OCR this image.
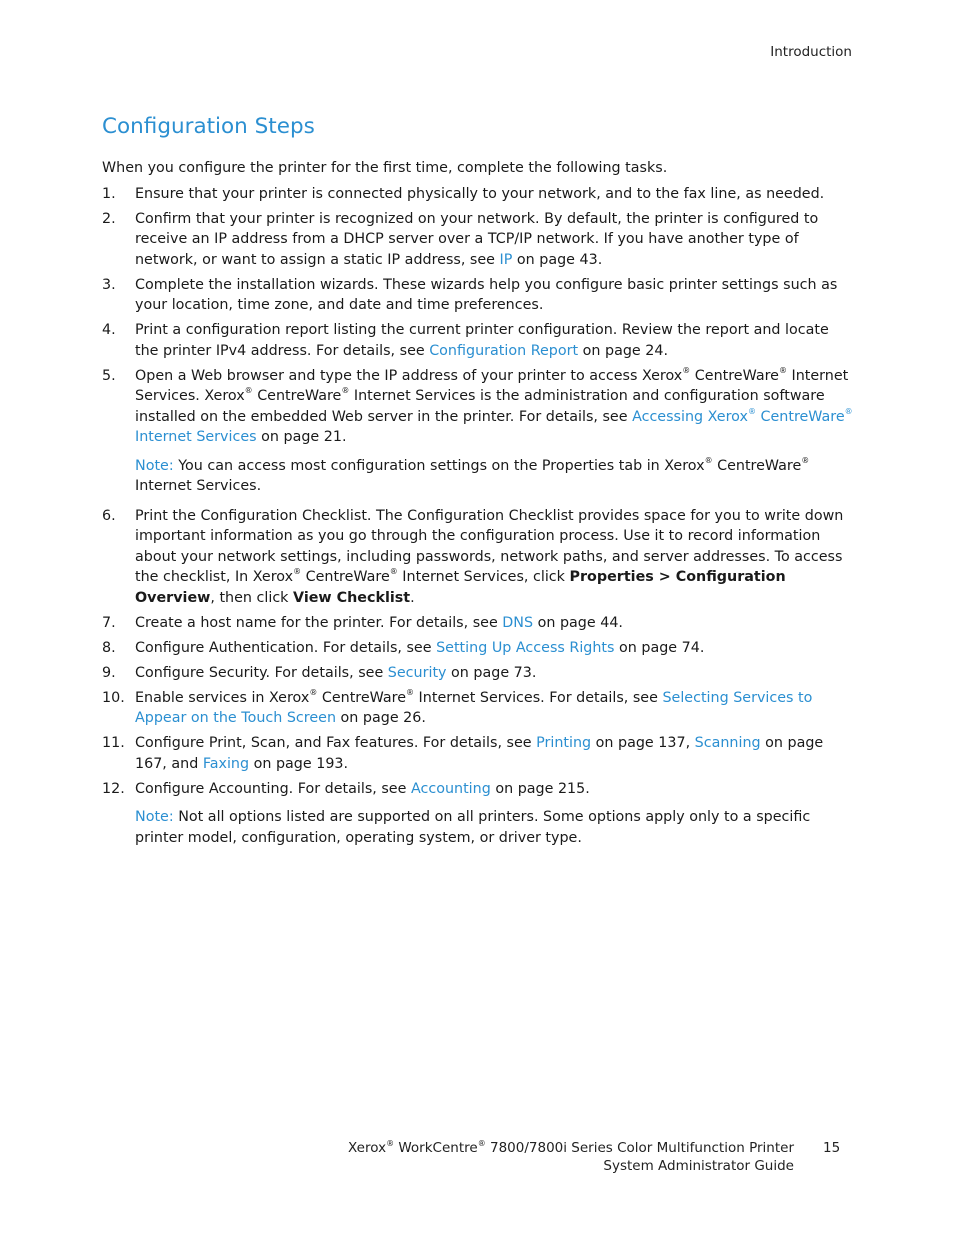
Introduction
Configuration Steps

When you configure the printer for the first time, complete the following tasks.

1. Ensure that your printer is connected physically to your network, and to the fax line, as needed.
2. Confirm that your printer is recognized on your network. By default, the printer is configured to receive an IP address from a DHCP server over a TCP/IP network. If you have another type of network, or want to assign a static IP address, see IP on page 43.
3. Complete the installation wizards. These wizards help you configure basic printer settings such as your location, time zone, and date and time preferences.
4. Print a configuration report listing the current printer configuration. Review the report and locate the printer IPv4 address. For details, see Configuration Report on page 24.
5. Open a Web browser and type the IP address of your printer to access Xerox® CentreWare® Internet Services. Xerox® CentreWare® Internet Services is the administration and configuration software installed on the embedded Web server in the printer. For details, see Accessing Xerox® CentreWare® Internet Services on page 21.
Note: You can access most configuration settings on the Properties tab in Xerox® CentreWare®
Internet Services.
6. Print the Configuration Checklist. The Configuration Checklist provides space for you to write down important information as you go through the configuration process. Use it to record information about your network settings, including passwords, network paths, and server addresses. To access the checklist, In Xerox® CentreWare® Internet Services, click Properties > Configuration Overview, then click View Checklist.
7. Create a host name for the printer. For details, see DNS on page 44.
8. Configure Authentication. For details, see Setting Up Access Rights on page 74.
9. Configure Security. For details, see Security on page 73.
10. Enable services in Xerox® CentreWare® Internet Services. For details, see Selecting Services to Appear on the Touch Screen on page 26.
11. Configure Print, Scan, and Fax features. For details, see Printing on page 137, Scanning on page 167, and Faxing on page 193.
12. Configure Accounting. For details, see Accounting on page 215.
Note: Not all options listed are supported on all printers. Some options apply only to a specific printer model, configuration, operating system, or driver type.
Xerox® WorkCentre® 7800/7800i Series Color Multifunction Printer
System Administrator Guide
15
